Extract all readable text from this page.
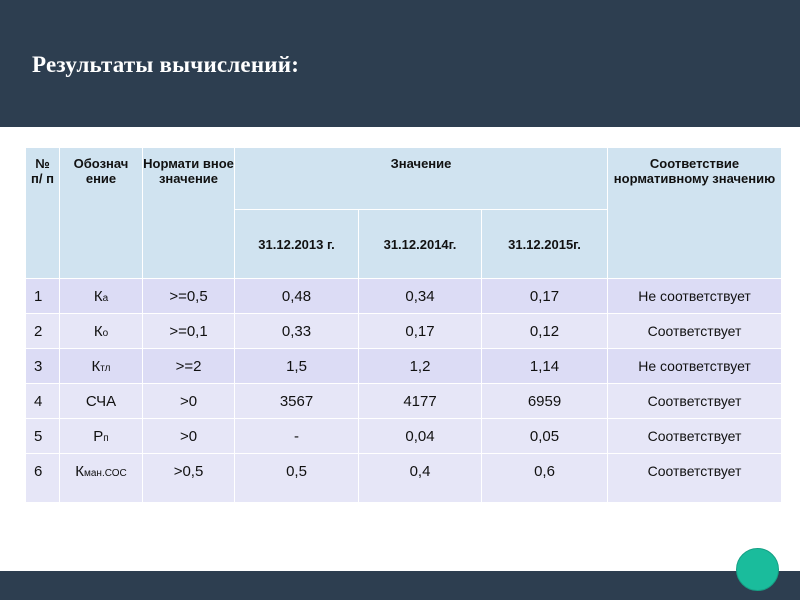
Результаты вычислений:
№ п/ п	Обознач ение	Нормати вное значение	Значение			Соответствие нормативному значению
			31.12.2013 г.	31.12.2014г.	31.12.2015г.	
1	Ка	>=0,5	0,48	0,34	0,17	Не соответствует
2	Ко	>=0,1	0,33	0,17	0,12	Соответствует
3	Ктл	>=2	1,5	1,2	1,14	Не соответствует
4	СЧА	>0	3567	4177	6959	Соответствует
5	Рп	>0	-	0,04	0,05	Соответствует
6	Кман.СОС	>0,5	0,5	0,4	0,6	Соответствует
